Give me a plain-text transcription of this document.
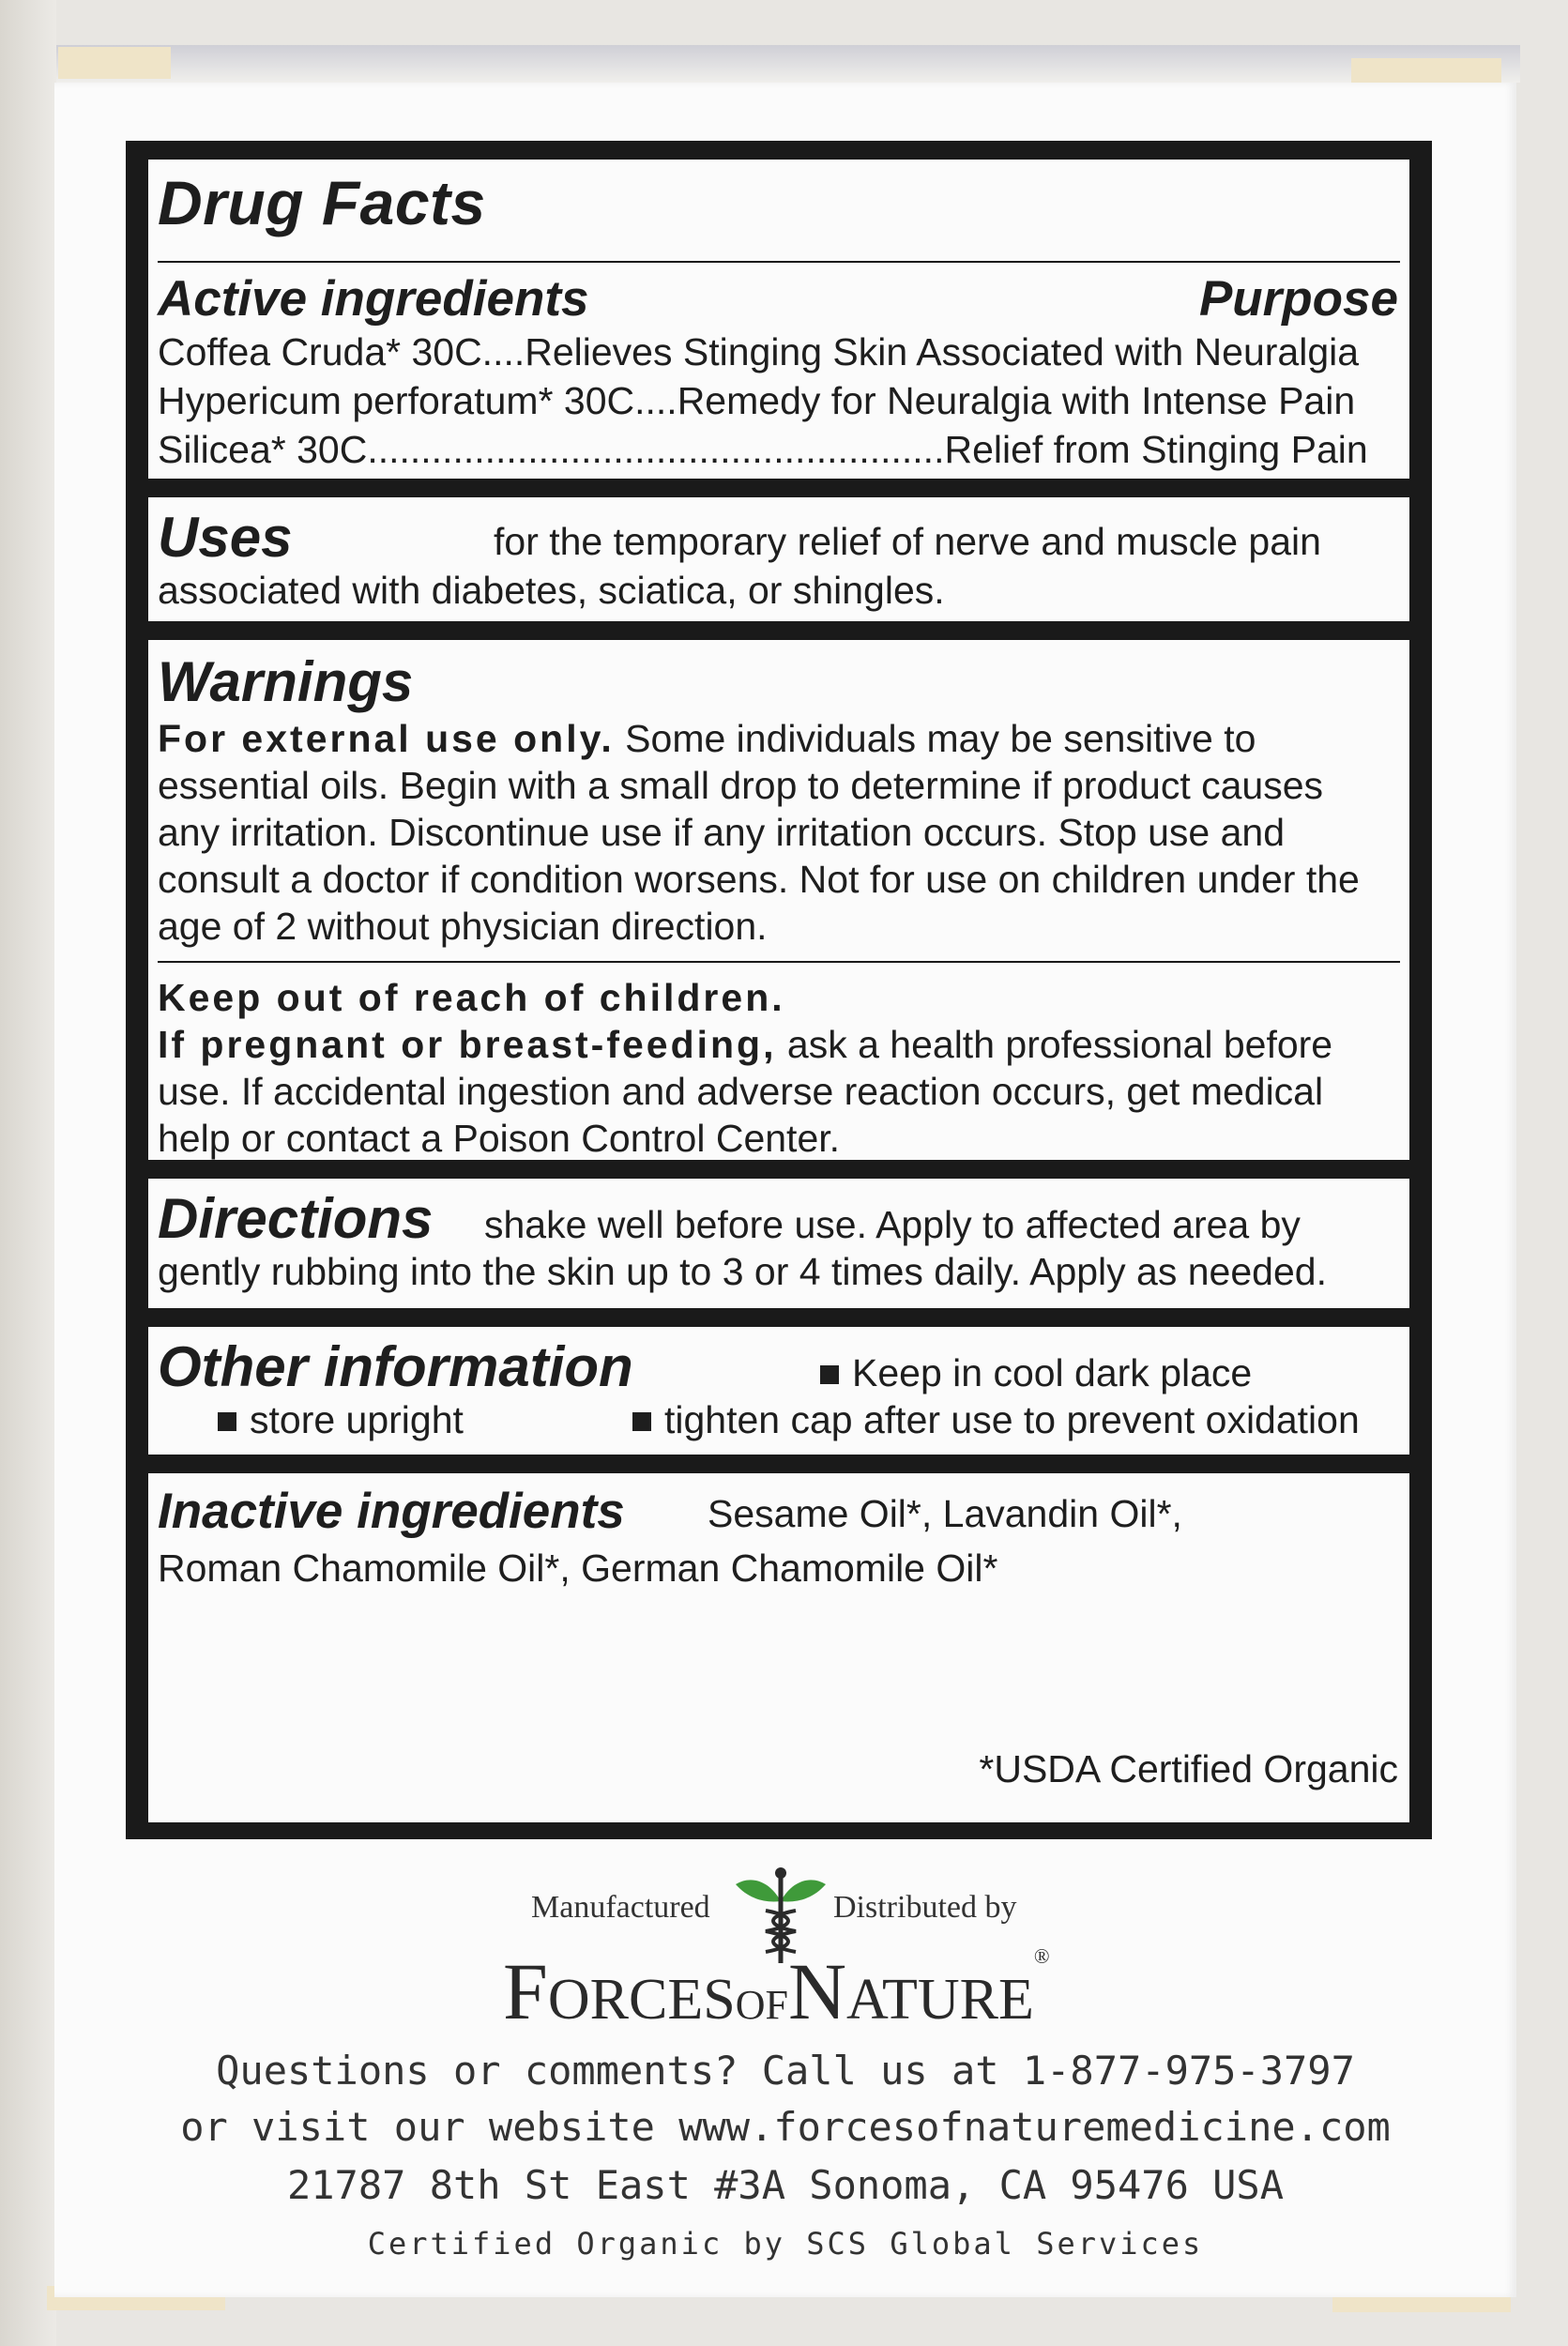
Drug Facts
Active ingredients	Purpose
Coffea Cruda* 30C....Relieves Stinging Skin Associated with Neuralgia
Hypericum perforatum* 30C....Remedy for Neuralgia with Intense Pain
Silicea* 30C......................................................Relief from Stinging Pain
Uses	for the temporary relief of nerve and muscle pain
associated with diabetes, sciatica, or shingles.
Warnings
For external use only. Some individuals may be sensitive to
essential oils. Begin with a small drop to determine if product causes
any irritation. Discontinue use if any irritation occurs. Stop use and
consult a doctor if condition worsens. Not for use on children under the
age of 2 without physician direction.
Keep out of reach of children.
If pregnant or breast-feeding, ask a health professional before
use. If accidental ingestion and adverse reaction occurs, get medical
help or contact a Poison Control Center.
Directions shake well before use. Apply to affected area by
gently rubbing into the skin up to 3 or 4 times daily. Apply as needed.
Other information	Keep in cool dark place
store upright	tighten cap after use to prevent oxidation
Inactive ingredients Sesame Oil*, Lavandin Oil*,
Roman Chamomile Oil*, German Chamomile Oil*
*USDA Certified Organic
Manufactured	Distributed by
FORCESOFNATURE®
Questions or comments? Call us at 1-877-975-3797
or visit our website www.forcesofnaturemedicine.com
21787 8th St East #3A Sonoma, CA 95476 USA
Certified Organic by SCS Global Services
